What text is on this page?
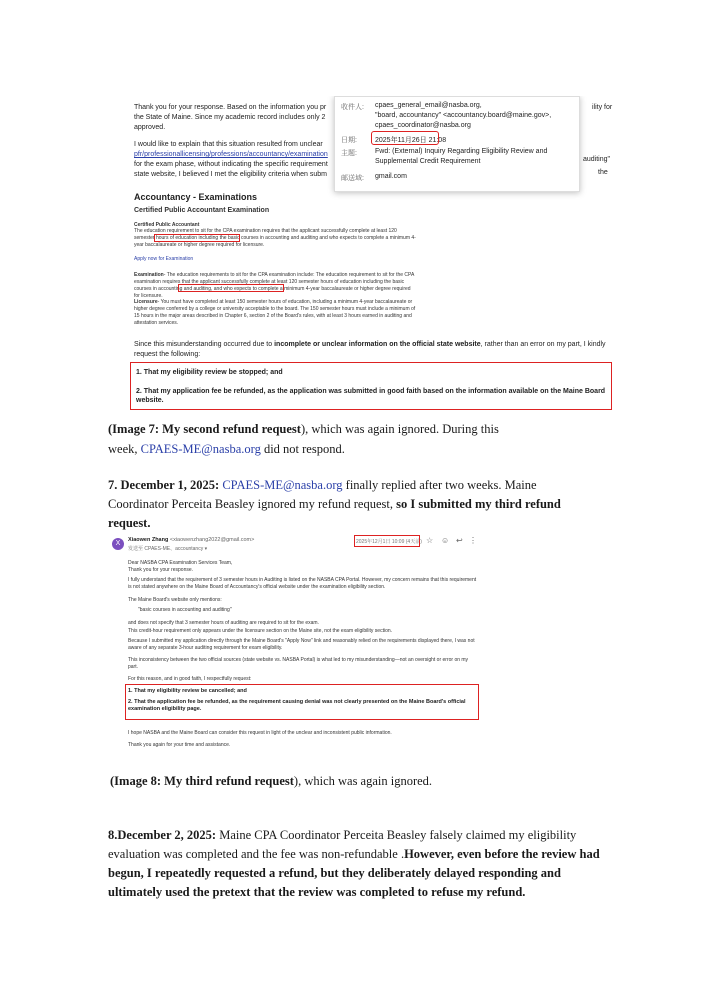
Thank you for your response. Based on the information you pr
the State of Maine. Since my academic record includes only 2
approved.
ility for
I would like to explain that this situation resulted from unclear
pfr/professionallicensing/professions/accountancy/examination
for the exam phase, without indicating the specific requirement
state website, I believed I met the eligibility criteria when subm
auditing"
the
收件人: cpaes_general_email@nasba.org,
"board, accountancy" <accountancy.board@maine.gov>,
cpaes_coordinator@nasba.org
日期:	2025年11月26日 21:08
主题:	Fwd: (External) Inquiry Regarding Eligibility Review and
Supplemental Credit Requirement
邮送域: gmail.com
Accountancy - Examinations
Certified Public Accountant Examination
Certified Public Accountant
The education requirement to sit for the CPA examination requires that the applicant successfully complete at least 120 semester hours of education including the basic courses in accounting and auditing and who expects to complete a minimum 4-year baccalaureate or higher degree required for licensure.
Apply now for Examination
Examination- The education requirements to sit for the CPA examination include: The education requirement to sit for the CPA examination requires that the applicant successfully complete at least 120 semester hours of education including the basic courses in accounting and auditing, and who expects to complete a minimum 4-year baccalaureate or higher degree required for licensure.
Licensure- You must have completed at least 150 semester hours of education, including a minimum 4-year baccalaureate or higher degree conferred by a college or university acceptable to the board. The 150 semester hours must include a minimum of 15 hours in the major areas described in Chapter 6, section 2 of the Board's rules, with at least 3 hours earned in auditing and attestation services.
Since this misunderstanding occurred due to incomplete or unclear information on the official state website, rather than an error on my part, I kindly
request the following:
1. That my eligibility review be stopped; and
2. That my application fee be refunded, as the application was submitted in good faith based on the information available on the Maine Board website.
(Image 7: My second refund request), which was again ignored. During this
week, CPAES-ME@nasba.org did not respond.
7. December 1, 2025: CPAES-ME@nasba.org finally replied after two weeks. Maine
Coordinator Perceita Beasley ignored my refund request, so I submitted my third refund
request.
X	Xiaowen Zhang <xiaowenzhang2022@gmail.com>
发送至 CPAES-ME、accountancy ▾
2025年12月1日 10:09 (4天前) ☆ ☺ ↩ ⋮
Dear NASBA CPA Examination Services Team,
Thank you for your response.
I fully understand that the requirement of 3 semester hours in Auditing is listed on the NASBA CPA Portal. However, my concern remains that this requirement is not stated anywhere on the Maine Board of Accountancy's official website under the examination eligibility section.
The Maine Board's website only mentions:
"basic courses in accounting and auditing"
and does not specify that 3 semester hours of auditing are required to sit for the exam.
This credit-hour requirement only appears under the licensure section on the Maine site, not the exam eligibility section.
Because I submitted my application directly through the Maine Board's "Apply Now" link and reasonably relied on the requirements displayed there, I was not aware of any separate 3-hour auditing requirement for exam eligibility.
This inconsistency between the two official sources (state website vs. NASBA Portal) is what led to my misunderstanding—not an oversight or error on my part.
For this reason, and in good faith, I respectfully request:
1. That my eligibility review be cancelled; and
2. That the application fee be refunded, as the requirement causing denial was not clearly presented on the Maine Board's official examination eligibility page.
I hope NASBA and the Maine Board can consider this request in light of the unclear and inconsistent public information.
Thank you again for your time and assistance.
(Image 8: My third refund request), which was again ignored.
8.December 2, 2025: Maine CPA Coordinator Perceita Beasley falsely claimed my eligibility
evaluation was completed and the fee was non-refundable .However, even before the review had
begun, I repeatedly requested a refund, but they deliberately delayed responding and
ultimately used the pretext that the review was completed to refuse my refund.
